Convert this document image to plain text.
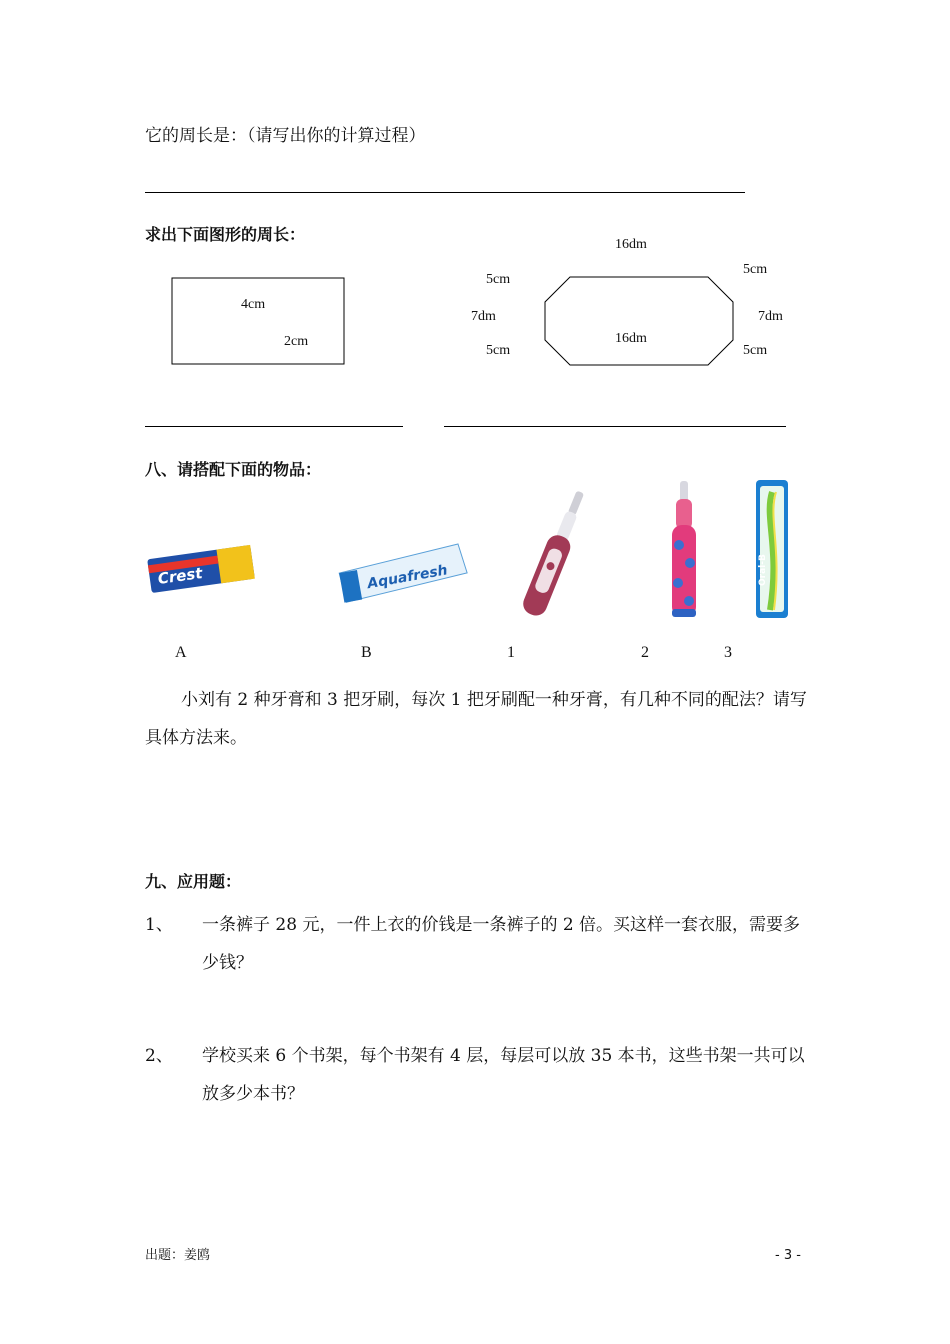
它的周长是：（请写出你的计算过程）
求出下面图形的周长：
4cm
2cm
16dm
5cm
5cm
7dm	7dm
16dm
5cm	5cm
八、请搭配下面的物品：
Crest	Aquafresh	Oral-B
A	B	1	2	3
小刘有 2 种牙膏和 3 把牙刷，每次 1 把牙刷配一种牙膏，有几种不同的配法？请写具体方法来。
九、应用题：
1、 一条裤子 28 元，一件上衣的价钱是一条裤子的 2 倍。买这样一套衣服，需要多少钱？
2、 学校买来 6 个书架，每个书架有 4 层，每层可以放 35 本书，这些书架一共可以放多少本书？
出题：姜鸥	- 3 -
